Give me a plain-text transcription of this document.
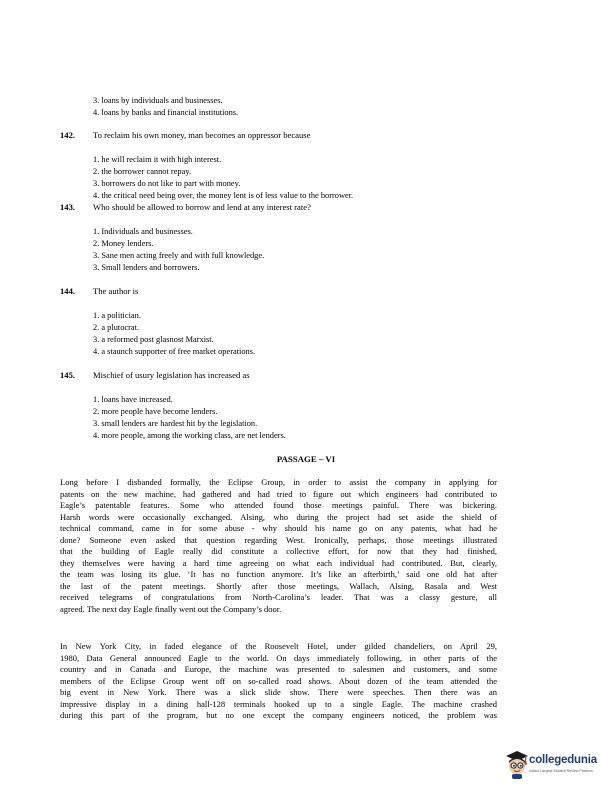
3. loans by individuals and businesses.
4. loans by banks and financial institutions.
142. To reclaim his own money, man becomes an oppressor because
1. he will reclaim it with high interest.
2. the borrower cannot repay.
3. borrowers do not like to part with money.
4. the critical need being over, the money lent is of less value to the borrower.
143. Who should be allowed to borrow and lend at any interest rate?
1. Individuals and businesses.
2. Money lenders.
3. Sane men acting freely and with full knowledge.
3. Small lenders and borrowers.
144. The author is
1. a politician.
2. a plutocrat.
3. a reformed post glasnost Marxist.
4. a staunch supporter of free market operations.
145. Mischief of usury legislation has increased as
1. loans have increased.
2. more people have become lenders.
3. small lenders are hardest hit by the legislation.
4. more people, among the working class, are net lenders.
PASSAGE – VI
Long before I disbanded formally, the Eclipse Group, in order to assist the company in applying for
patents on the new machine, had gathered and had tried to figure out which engineers had contributed to
Eagle’s patentable features. Some who attended found those meetings painful. There was bickering.
Harsh words were occasionally exchanged. Alsing, who during the project had set aside the shield of
technical command, came in for some abuse - why should his name go on any patents, what had he
done? Someone even asked that question regarding West. Ironically, perhaps, those meetings illustrated
that the building of Eagle really did constitute a collective effort, for now that they had finished,
they themselves were having a hard time agreeing on what each individual had contributed. But, clearly,
the team was losing its glue. ‘It has no function anymore. It’s like an afterbirth,’ said one old hat after
the last of the patent meetings. Shortly after those meetings, Wallach, Alsing, Rasala and West
received telegrams of congratulations from North-Carolina’s leader. That was a classy gesture, all
agreed. The next day Eagle finally went out the Company’s door.
In New York City, in faded elegance of the Roosevelt Hotel, under gilded chandeliers, on April 29,
1980, Data General announced Eagle to the world. On days immediately following, in other parts of the
country and in Canada and Europe, the machine was presented to salesmen and customers, and some
members of the Eclipse Group went off on so-called road shows. About dozen of the team attended the
big event in New York. There was a slick slide show. There were speeches. Then there was an
impressive display in a dining hall-128 terminals hooked up to a single Eagle. The machine crashed
during this part of the program, but no one except the company engineers noticed, the problem was
collegedunia
India's Largest Student Review Platform
